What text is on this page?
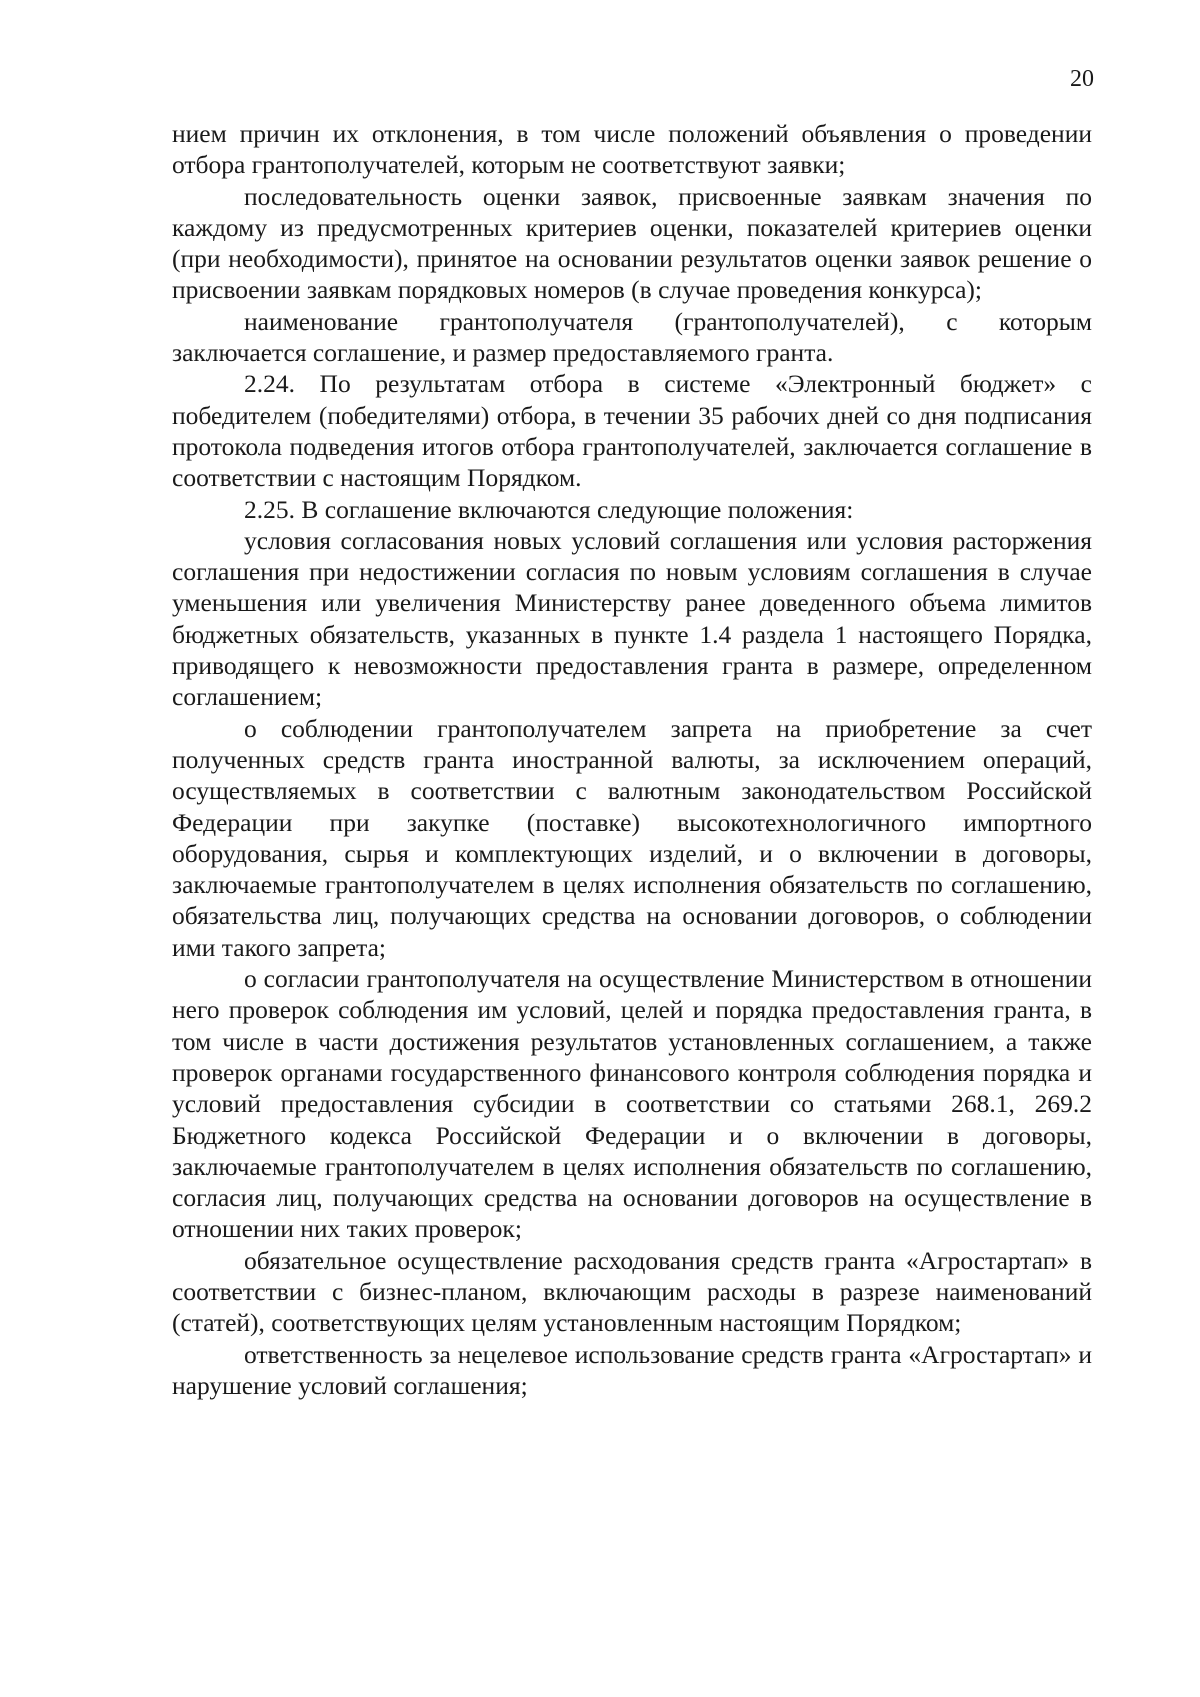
20

нием причин их отклонения, в том числе положений объявления о проведении отбора грантополучателей, которым не соответствуют заявки;

последовательность оценки заявок, присвоенные заявкам значения по каждому из предусмотренных критериев оценки, показателей критериев оценки (при необходимости), принятое на основании результатов оценки заявок решение о присвоении заявкам порядковых номеров (в случае проведения конкурса);

наименование грантополучателя (грантополучателей), с которым заключается соглашение, и размер предоставляемого гранта.

2.24. По результатам отбора в системе «Электронный бюджет» с победителем (победителями) отбора, в течении 35 рабочих дней со дня подписания протокола подведения итогов отбора грантополучателей, заключается соглашение в соответствии с настоящим Порядком.

2.25. В соглашение включаются следующие положения:

условия согласования новых условий соглашения или условия расторжения соглашения при недостижении согласия по новым условиям соглашения в случае уменьшения или увеличения Министерству ранее доведенного объема лимитов бюджетных обязательств, указанных в пункте 1.4 раздела 1 настоящего Порядка, приводящего к невозможности предоставления гранта в размере, определенном соглашением;

о соблюдении грантополучателем запрета на приобретение за счет полученных средств гранта иностранной валюты, за исключением операций, осуществляемых в соответствии с валютным законодательством Российской Федерации при закупке (поставке) высокотехнологичного импортного оборудования, сырья и комплектующих изделий, и о включении в договоры, заключаемые грантополучателем в целях исполнения обязательств по соглашению, обязательства лиц, получающих средства на основании договоров, о соблюдении ими такого запрета;

о согласии грантополучателя на осуществление Министерством в отношении него проверок соблюдения им условий, целей и порядка предоставления гранта, в том числе в части достижения результатов установленных соглашением, а также проверок органами государственного финансового контроля соблюдения порядка и условий предоставления субсидии в соответствии со статьями 268.1, 269.2 Бюджетного кодекса Российской Федерации и о включении в договоры, заключаемые грантополучателем в целях исполнения обязательств по соглашению, согласия лиц, получающих средства на основании договоров на осуществление в отношении них таких проверок;

обязательное осуществление расходования средств гранта «Агростартап» в соответствии с бизнес-планом, включающим расходы в разрезе наименований (статей), соответствующих целям установленным настоящим Порядком;

ответственность за нецелевое использование средств гранта «Агростартап» и нарушение условий соглашения;
